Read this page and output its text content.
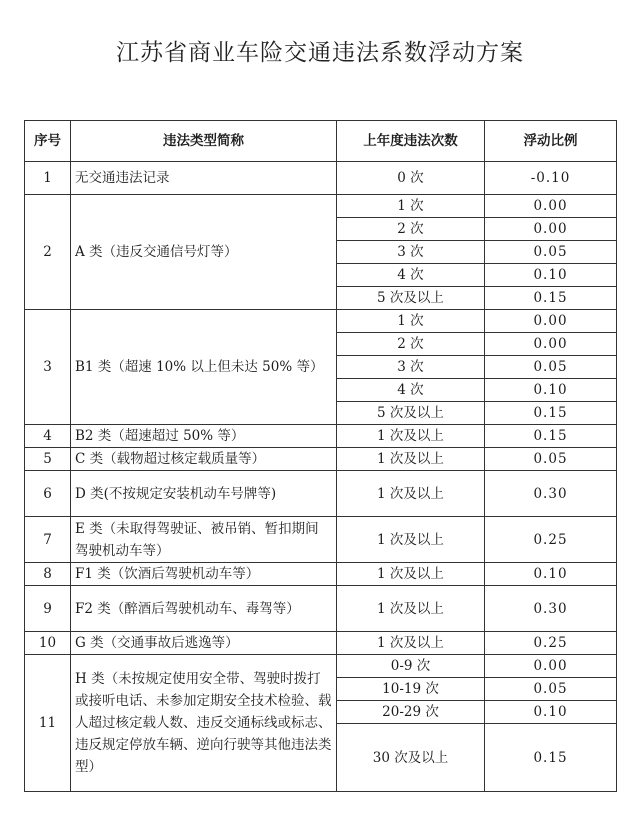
江苏省商业车险交通违法系数浮动方案
序号	违法类型简称	上年度违法次数	浮动比例
1	无交通违法记录	0 次	-0.10
2	A 类（违反交通信号灯等）	1 次	0.00
		2 次	0.00
		3 次	0.05
		4 次	0.10
		5 次及以上	0.15
3	B1 类（超速 10% 以上但未达 50% 等）	1 次	0.00
		2 次	0.00
		3 次	0.05
		4 次	0.10
		5 次及以上	0.15
4	B2 类（超速超过 50% 等）	1 次及以上	0.15
5	C 类（载物超过核定载质量等）	1 次及以上	0.05
6	D 类(不按规定安装机动车号牌等)	1 次及以上	0.30
7	E 类（未取得驾驶证、被吊销、暂扣期间驾驶机动车等）	1 次及以上	0.25
8	F1 类（饮酒后驾驶机动车等）	1 次及以上	0.10
9	F2 类（醉酒后驾驶机动车、毒驾等）	1 次及以上	0.30
10	G 类（交通事故后逃逸等）	1 次及以上	0.25
11	H 类（未按规定使用安全带、驾驶时拨打或接听电话、未参加定期安全技术检验、载人超过核定载人数、违反交通标线或标志、违反规定停放车辆、逆向行驶等其他违法类型）	0-9 次	0.00
		10-19 次	0.05
		20-29 次	0.10
		30 次及以上	0.15
